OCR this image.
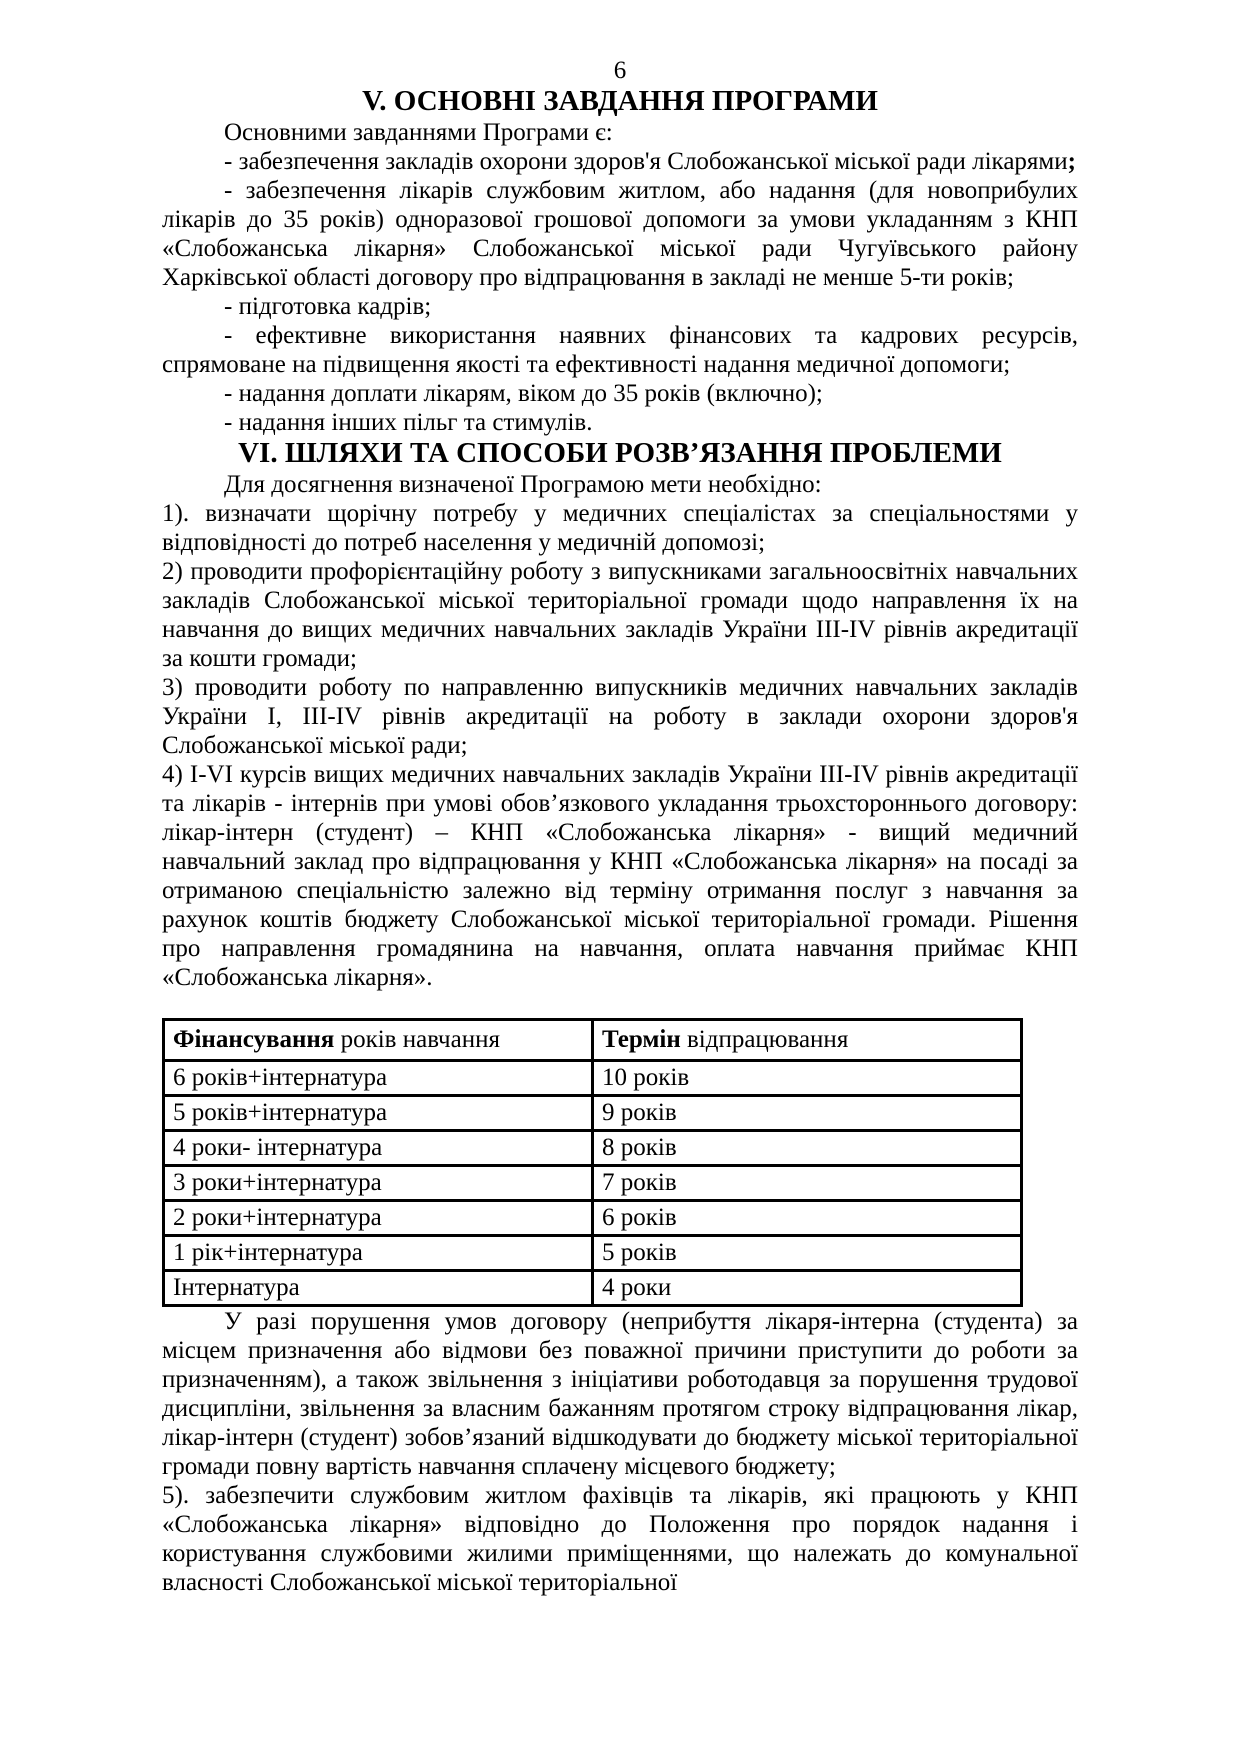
6
V. ОСНОВНІ ЗАВДАННЯ ПРОГРАМИ

Основними завданнями Програми є:

- забезпечення закладів охорони здоров'я Слобожанської міської ради лікарями;

- забезпечення лікарів службовим житлом, або надання (для новоприбулих лікарів до 35 років) одноразової грошової допомоги за умови укладанням з КНП «Слобожанська лікарня» Слобожанської міської ради Чугуївського району Харківської області договору про відпрацювання в закладі не менше 5-ти років;

- підготовка кадрів;

- ефективне використання наявних фінансових та кадрових ресурсів, спрямоване на підвищення якості та ефективності надання медичної допомоги;

- надання доплати лікарям, віком до 35 років (включно);

- надання інших пільг та стимулів.

VI. ШЛЯХИ ТА СПОСОБИ РОЗВ’ЯЗАННЯ ПРОБЛЕМИ

Для досягнення визначеної Програмою мети необхідно:

1). визначати щорічну потребу у медичних спеціалістах за спеціальностями у відповідності до потреб населення у медичній допомозі;

2) проводити профорієнтаційну роботу з випускниками загальноосвітніх навчальних закладів Слобожанської міської територіальної громади щодо направлення їх на навчання до вищих медичних навчальних закладів України III-IV рівнів акредитації за кошти громади;

3) проводити роботу по направленню випускників медичних навчальних закладів України I, III-IV рівнів акредитації на роботу в заклади охорони здоров'я Слобожанської міської ради;

4) I-VI курсів вищих медичних навчальних закладів України III-IV рівнів акредитації та лікарів - інтернів при умові обов’язкового укладання трьохстороннього договору: лікар-інтерн (студент) – КНП «Слобожанська лікарня» - вищий медичний навчальний заклад про відпрацювання у КНП «Слобожанська лікарня» на посаді за отриманою спеціальністю залежно від терміну отримання послуг з навчання за рахунок коштів бюджету Слобожанської міської територіальної громади. Рішення про направлення громадянина на навчання, оплата навчання приймає КНП «Слобожанська лікарня».

Фінансування років навчання	Термін відпрацювання
6 років+інтернатура	10 років
5 років+інтернатура	9 років
4 роки- інтернатура	8 років
3 роки+інтернатура	7 років
2 роки+інтернатура	6 років
1 рік+інтернатура	5 років
Інтернатура	4 роки

У разі порушення умов договору (неприбуття лікаря-інтерна (студента) за місцем призначення або відмови без поважної причини приступити до роботи за призначенням), а також звільнення з ініціативи роботодавця за порушення трудової дисципліни, звільнення за власним бажанням протягом строку відпрацювання лікар, лікар-інтерн (студент) зобов’язаний відшкодувати до бюджету міської територіальної громади повну вартість навчання сплачену місцевого бюджету;

5). забезпечити службовим житлом фахівців та лікарів, які працюють у КНП «Слобожанська лікарня» відповідно до Положення про порядок надання і користування службовими жилими приміщеннями, що належать до комунальної власності Слобожанської міської територіальної
